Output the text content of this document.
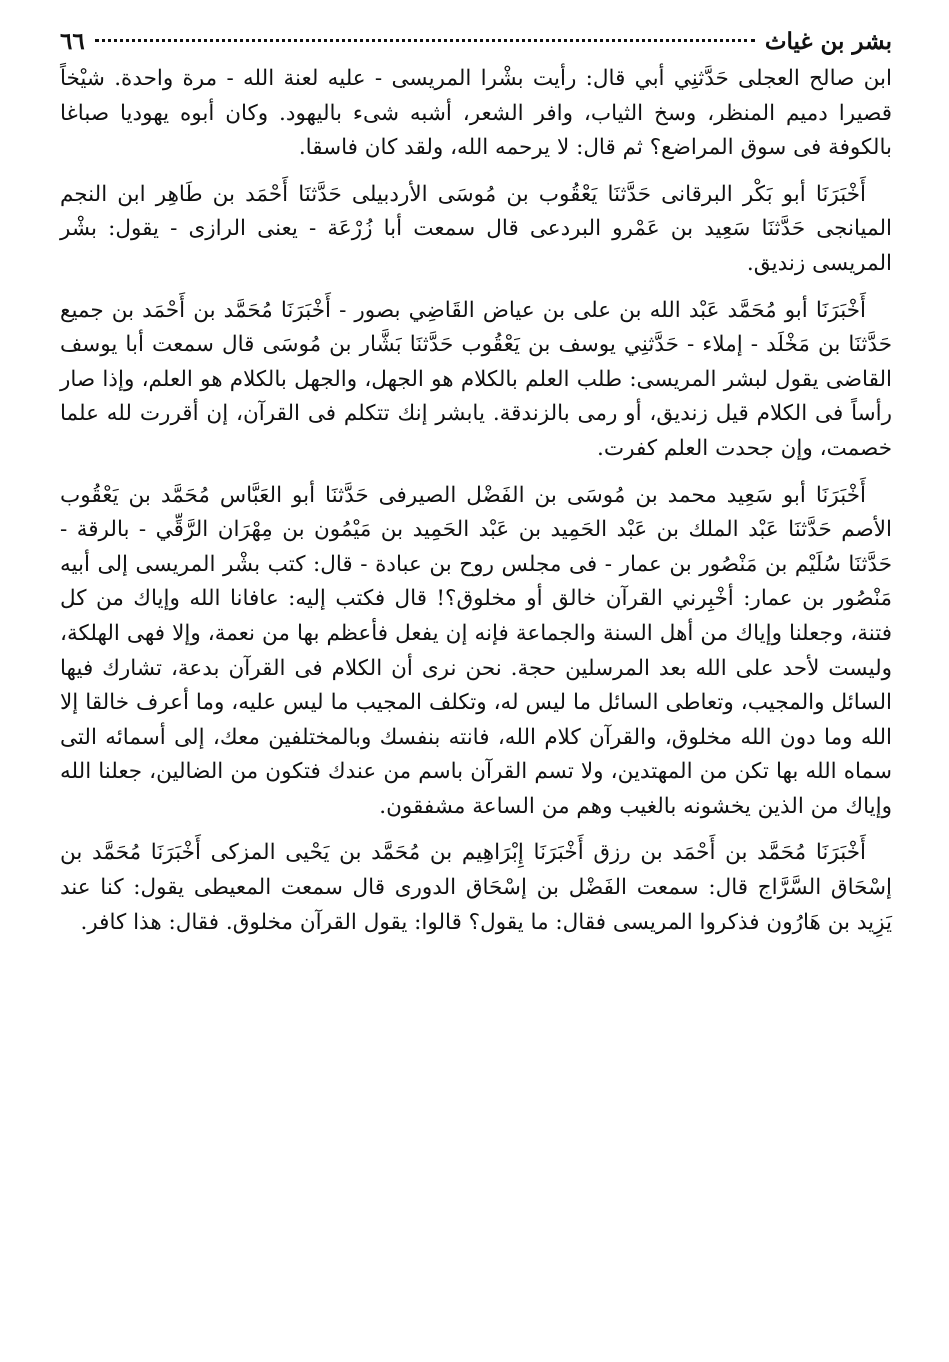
بشر بن غياث
٦٦

ابن صالح العجلى حَدَّثنِي أبي قال: رأيت بشْرا المريسى - عليه لعنة الله - مرة واحدة. شيْخاً قصيرا دميم المنظر، وسخ الثياب، وافر الشعر، أشبه شىء باليهود. وكان أبوه يهوديا صباغا بالكوفة فى سوق المراضع؟ ثم قال: لا يرحمه الله، ولقد كان فاسقا.

أَخْبَرَنَا أبو بَكْر البرقانى حَدَّثنَا يَعْقُوب بن مُوسَى الأردبيلى حَدَّثنَا أَحْمَد بن طَاهِر ابن النجم الميانجى حَدَّثنَا سَعِيد بن عَمْرو البردعى قال سمعت أبا زُرْعَة - يعنى الرازى - يقول: بشْر المريسى زنديق.

أَخْبَرَنَا أبو مُحَمَّد عَبْد الله بن على بن عياض القَاضِي بصور - أَخْبَرَنَا مُحَمَّد بن أَحْمَد بن جميع حَدَّثنَا بن مَخْلَد - إملاء - حَدَّثنِي يوسف بن يَعْقُوب حَدَّثنَا بَشَّار بن مُوسَى قال سمعت أبا يوسف القاضى يقول لبشر المريسى: طلب العلم بالكلام هو الجهل، والجهل بالكلام هو العلم، وإذا صار رأساً فى الكلام قيل زنديق، أو رمى بالزندقة. يابشر إنك تتكلم فى القرآن، إن أقررت لله علما خصمت، وإن جحدت العلم كفرت.

أَخْبَرَنَا أبو سَعِيد محمد بن مُوسَى بن الفَضْل الصيرفى حَدَّثنَا أبو العَبَّاس مُحَمَّد بن يَعْقُوب الأصم حَدَّثنَا عَبْد الملك بن عَبْد الحَمِيد بن عَبْد الحَمِيد بن مَيْمُون بن مِهْرَان الرَّقِّي - بالرقة - حَدَّثنَا سُلَيْم بن مَنْصُور بن عمار - فى مجلس روح بن عبادة - قال: كتب بشْر المريسى إلى أبيه مَنْصُور بن عمار: أخْبِرني القرآن خالق أو مخلوق؟! قال فكتب إليه: عافانا الله وإياك من كل فتنة، وجعلنا وإياك من أهل السنة والجماعة فإنه إن يفعل فأعظم بها من نعمة، وإلا فهى الهلكة، وليست لأحد على الله بعد المرسلين حجة. نحن نرى أن الكلام فى القرآن بدعة، تشارك فيها السائل والمجيب، وتعاطى السائل ما ليس له، وتكلف المجيب ما ليس عليه، وما أعرف خالقا إلا الله وما دون الله مخلوق، والقرآن كلام الله، فانته بنفسك وبالمختلفين معك، إلى أسمائه التى سماه الله بها تكن من المهتدين، ولا تسم القرآن باسم من عندك فتكون من الضالين، جعلنا الله وإياك من الذين يخشونه بالغيب وهم من الساعة مشفقون.

أَخْبَرَنَا مُحَمَّد بن أَحْمَد بن رزق أَخْبَرَنَا إِبْرَاهِيم بن مُحَمَّد بن يَحْيى المزكى أَخْبَرَنَا مُحَمَّد بن إسْحَاق السَّرَّاج قال: سمعت الفَضْل بن إسْحَاق الدورى قال سمعت المعيطى يقول: كنا عند يَزِيد بن هَارُون فذكروا المريسى فقال: ما يقول؟ قالوا: يقول القرآن مخلوق. فقال: هذا كافر.
